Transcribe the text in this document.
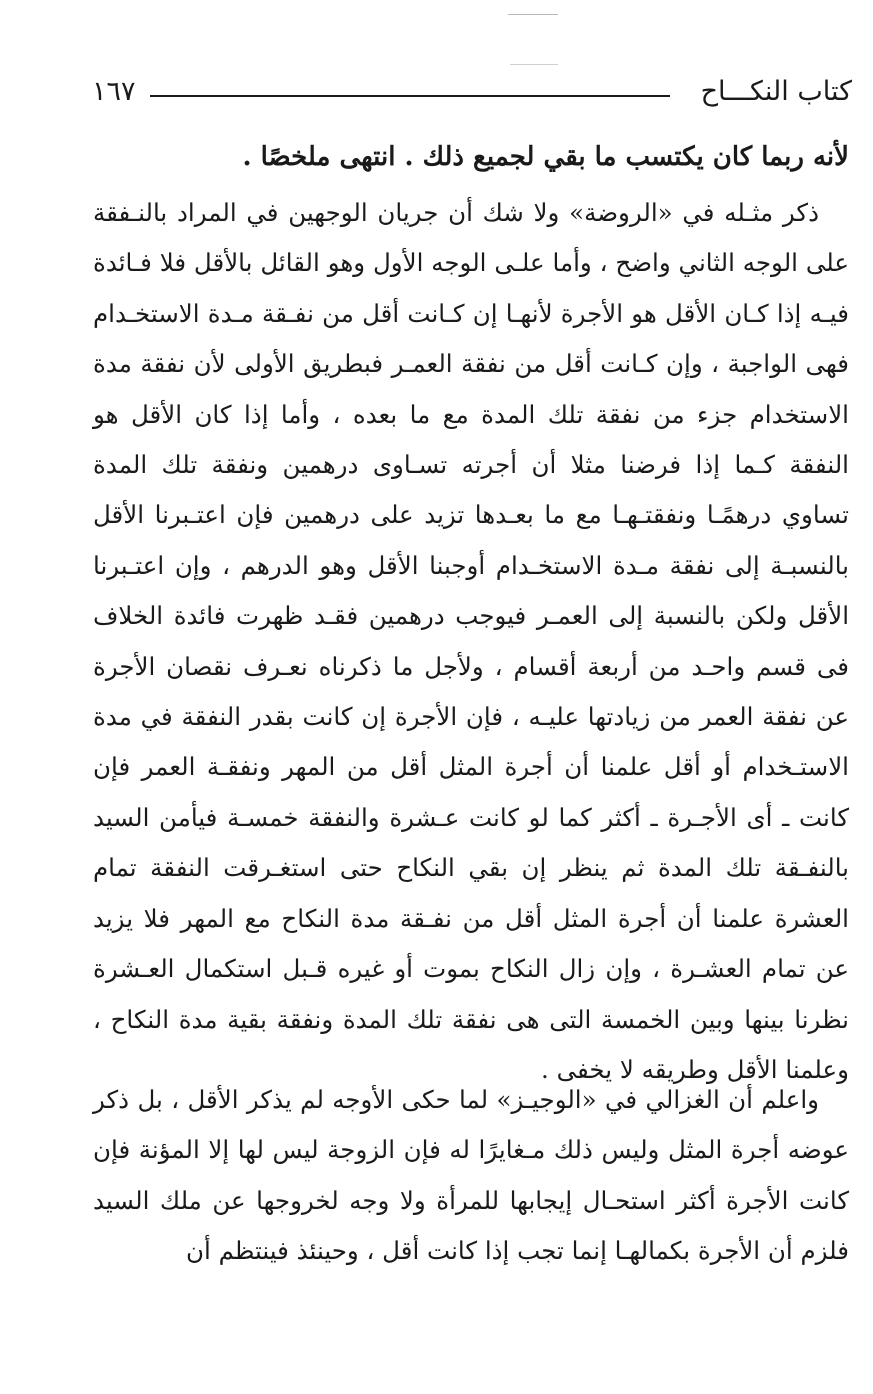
١٦٧	كتاب النكـــاح
لأنه ربما كان يكتسب ما بقي لجميع ذلك . انتهى ملخصًا .
ذكر مثـله في «الروضة» ولا شك أن جريان الوجهين في المراد بالنـفقة على الوجه الثاني واضح ، وأما علـى الوجه الأول وهو القائل بالأقل فلا فـائدة فيـه إذا كـان الأقل هو الأجرة لأنهـا إن كـانت أقل من نفـقة مـدة الاستخـدام فهى الواجبة ، وإن كـانت أقل من نفقة العمـر فبطريق الأولى لأن نفقة مدة الاستخدام جزء من نفقة تلك المدة مع ما بعده ، وأما إذا كان الأقل هو النفقة كـما إذا فرضنا مثلا أن أجرته تسـاوى درهمين ونفقة تلك المدة تساوي درهمًـا ونفقتـهـا مع ما بعـدها تزيد على درهمين فإن اعتـبرنا الأقل بالنسبـة إلى نفقة مـدة الاستخـدام أوجبنا الأقل وهو الدرهم ، وإن اعتـبرنا الأقل ولكن بالنسبة إلى العمـر فيوجب درهمين فقـد ظهرت فائدة الخلاف فى قسم واحـد من أربعة أقسام ، ولأجل ما ذكرناه نعـرف نقصان الأجرة عن نفقة العمر من زيادتها عليـه ، فإن الأجرة إن كانت بقدر النفقة في مدة الاستـخدام أو أقل علمنا أن أجرة المثل أقل من المهر ونفقـة العمر فإن كانت ـ أى الأجـرة ـ أكثر كما لو كانت عـشرة والنفقة خمسـة فيأمن السيد بالنفـقة تلك المدة ثم ينظر إن بقي النكاح حتى استغـرقت النفقة تمام العشرة علمنا أن أجرة المثل أقل من نفـقة مدة النكاح مع المهر فلا يزيد عن تمام العشـرة ، وإن زال النكاح بموت أو غيره قـبل استكمال العـشرة نظرنا بينها وبين الخمسة التى هى نفقة تلك المدة ونفقة بقية مدة النكاح ، وعلمنا الأقل وطريقه لا يخفى .
واعلم أن الغزالي في «الوجيـز» لما حكى الأوجه لم يذكر الأقل ، بل ذكر عوضه أجرة المثل وليس ذلك مـغايرًا له فإن الزوجة ليس لها إلا المؤنة فإن كانت الأجرة أكثر استحـال إيجابها للمرأة ولا وجه لخروجها عن ملك السيد فلزم أن الأجرة بكمالهـا إنما تجب إذا كانت أقل ، وحينئذ فينتظم أن
